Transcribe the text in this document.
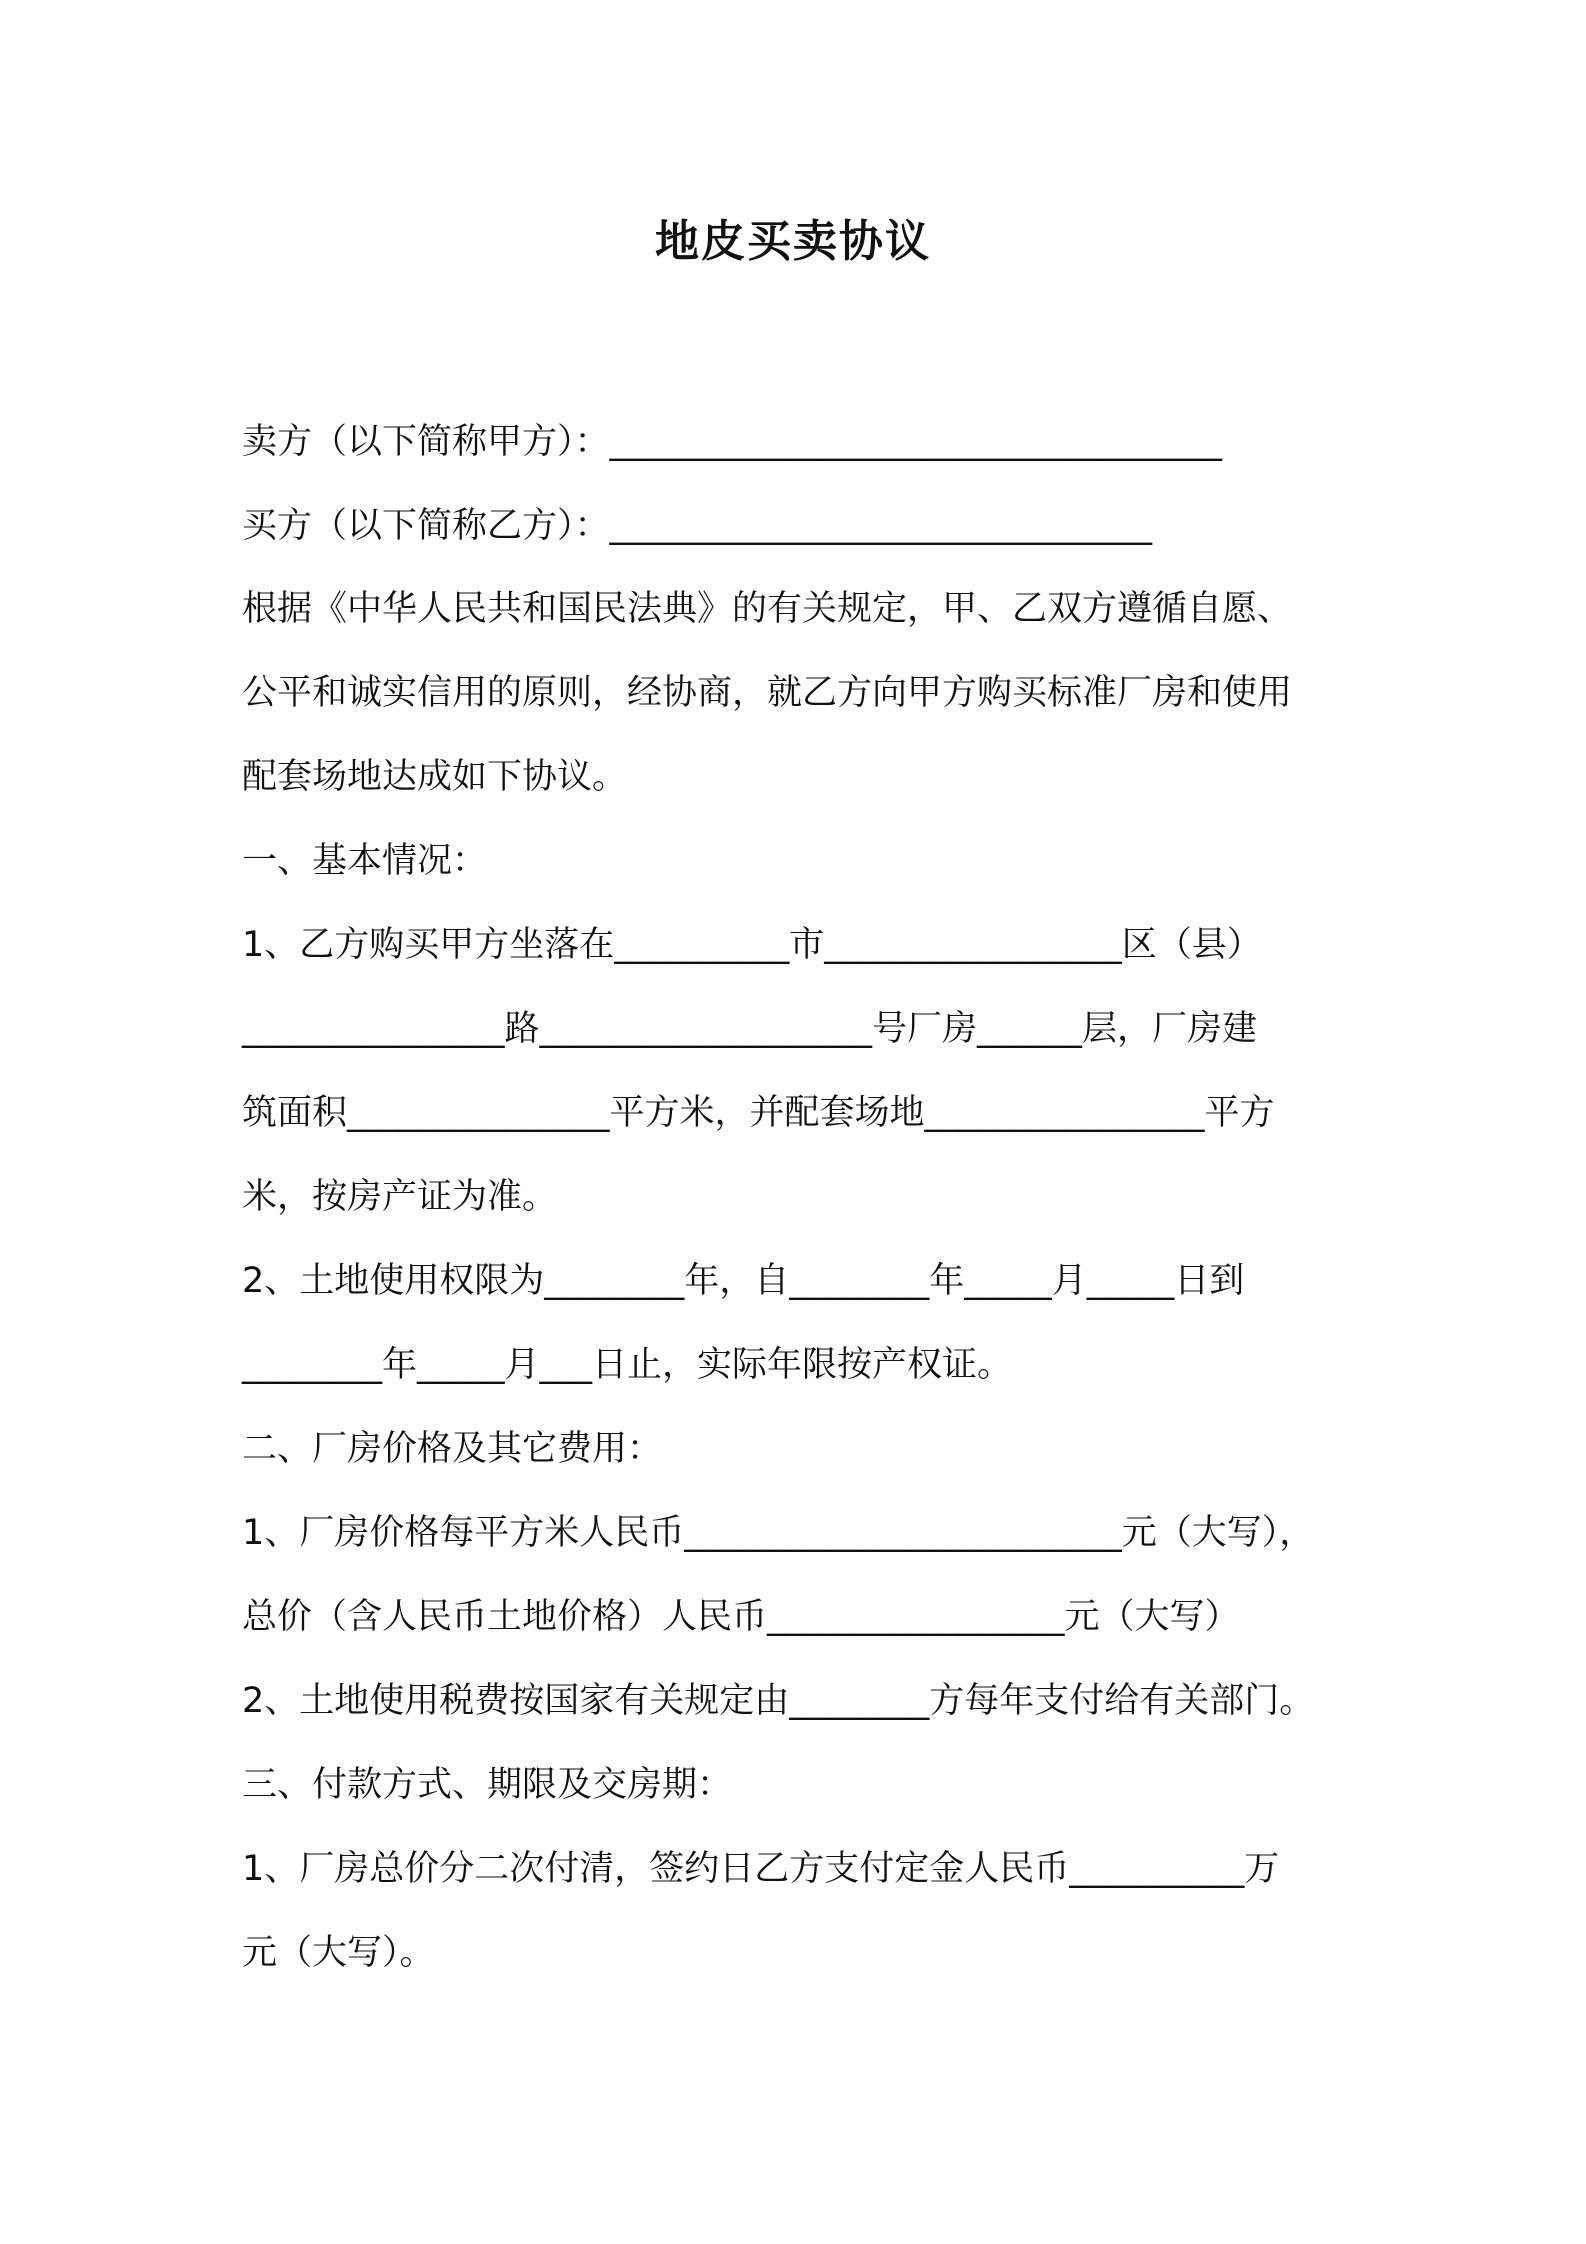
地皮买卖协议
卖方（以下简称甲方）：___________________________________
买方（以下简称乙方）：_______________________________
根据《中华人民共和国民法典》的有关规定，甲、乙双方遵循自愿、
公平和诚实信用的原则，经协商，就乙方向甲方购买标准厂房和使用
配套场地达成如下协议。
一、基本情况：
1、乙方购买甲方坐落在__________市_________________区（县）
_______________路___________________号厂房______层，厂房建
筑面积_______________平方米，并配套场地________________平方
米，按房产证为准。
2、土地使用权限为________年，自________年_____月_____日到
________年_____月___日止，实际年限按产权证。
二、厂房价格及其它费用：
1、厂房价格每平方米人民币_________________________元（大写），
总价（含人民币土地价格）人民币_________________元（大写）
2、土地使用税费按国家有关规定由________方每年支付给有关部门。
三、付款方式、期限及交房期：
1、厂房总价分二次付清，签约日乙方支付定金人民币__________万
元（大写）。
